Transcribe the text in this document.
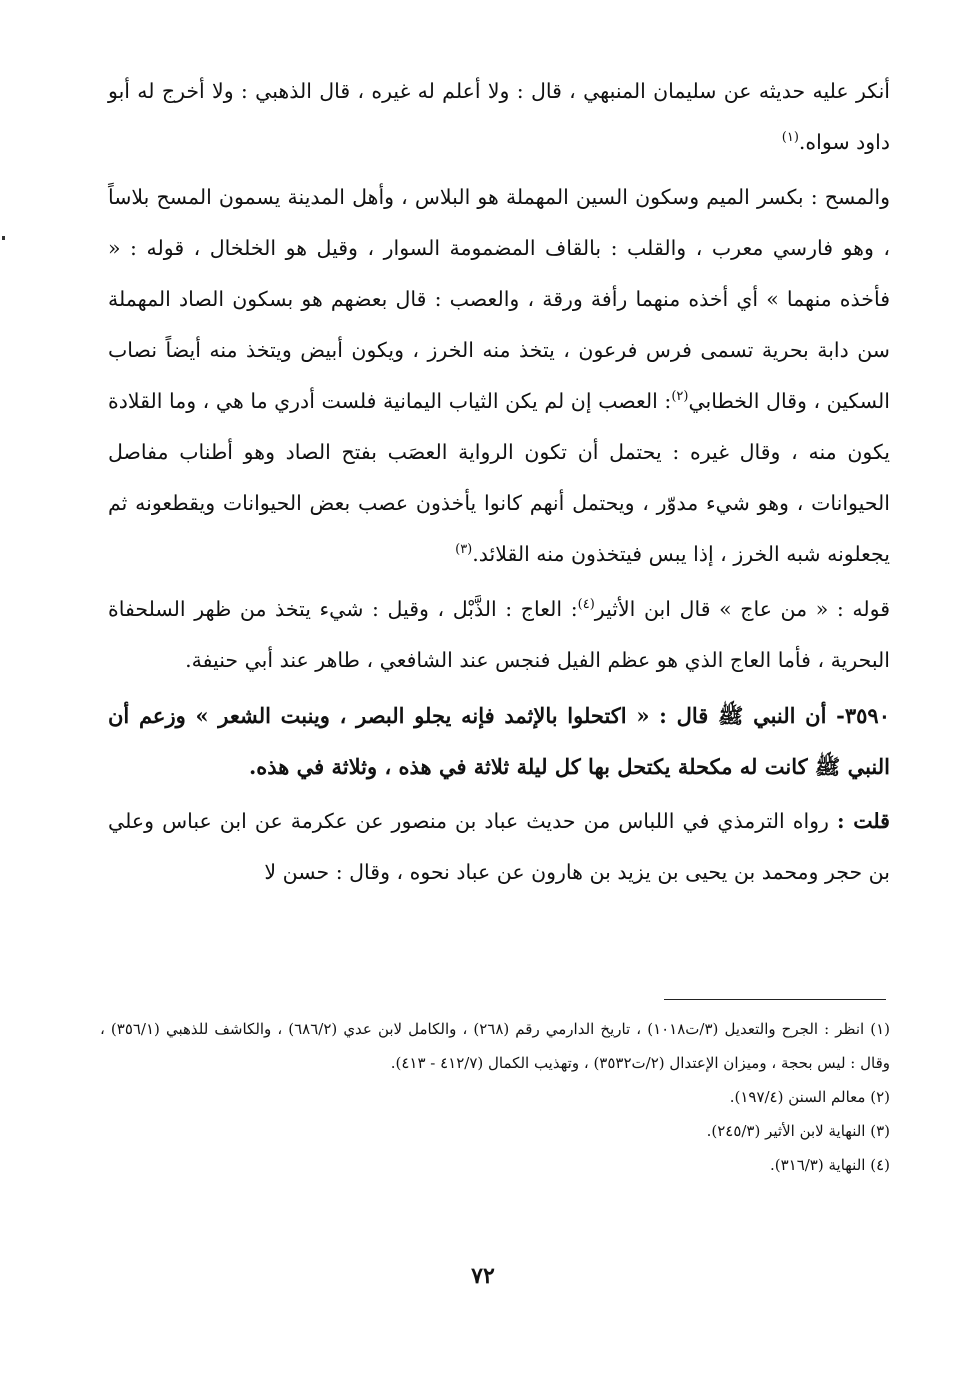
أنكر عليه حديثه عن سليمان المنبهي ، قال : ولا أعلم له غيره ، قال الذهبي : ولا أخرج له أبو داود سواه.$^{(١)}$

والمسح : بكسر الميم وسكون السين المهملة هو البلاس ، وأهل المدينة يسمون المسح بلاساً ، وهو فارسي معرب ، والقلب : بالقاف المضمومة السوار ، وقيل هو الخلخال ، قوله : « فأخذه منهما » أي أخذه منهما رأفة ورقة ، والعصب : قال بعضهم هو بسكون الصاد المهملة سن دابة بحرية تسمى فرس فرعون ، يتخذ منه الخرز ، ويكون أبيض ويتخذ منه أيضاً نصاب السكين ، وقال الخطابي$^{(٢)}$: العصب إن لم يكن الثياب اليمانية فلست أدري ما هي ، وما القلادة يكون منه ، وقال غيره : يحتمل أن تكون الرواية العصَب بفتح الصاد وهو أطناب مفاصل الحيوانات ، وهو شيء مدوّر ، ويحتمل أنهم كانوا يأخذون عصب بعض الحيوانات ويقطعونه ثم يجعلونه شبه الخرز ، إذا يبس فيتخذون منه القلائد.$^{(٣)}$

قوله : « من عاج » قال ابن الأثير$^{(٤)}$: العاج : الذَّبْل ، وقيل : شيء يتخذ من ظهر السلحفاة البحرية ، فأما العاج الذي هو عظم الفيل فنجس عند الشافعي ، طاهر عند أبي حنيفة.

٣٥٩٠- أن النبي ﷺ قال : « اكتحلوا بالإثمد فإنه يجلو البصر ، وينبت الشعر » وزعم أن النبي ﷺ كانت له مكحلة يكتحل بها كل ليلة ثلاثة في هذه ، وثلاثة في هذه.

قلت : رواه الترمذي في اللباس من حديث عباد بن منصور عن عكرمة عن ابن عباس وعلي بن حجر ومحمد بن يحيى بن يزيد بن هارون عن عباد نحوه ، وقال : حسن لا

(١) انظر : الجرح والتعديل (٣/ت١٠١٨) ، تاريخ الدارمي رقم (٢٦٨) ، والكامل لابن عدي (٦٨٦/٢) ، والكاشف للذهبي (٣٥٦/١) ، وقال : ليس بحجة ، وميزان الإعتدال (٢/ت٣٥٣٢) ، وتهذيب الكمال (٤١٢/٧ - ٤١٣).

(٢) معالم السنن (١٩٧/٤).

(٣) النهاية لابن الأثير (٢٤٥/٣).

(٤) النهاية (٣١٦/٣).

٧٢
